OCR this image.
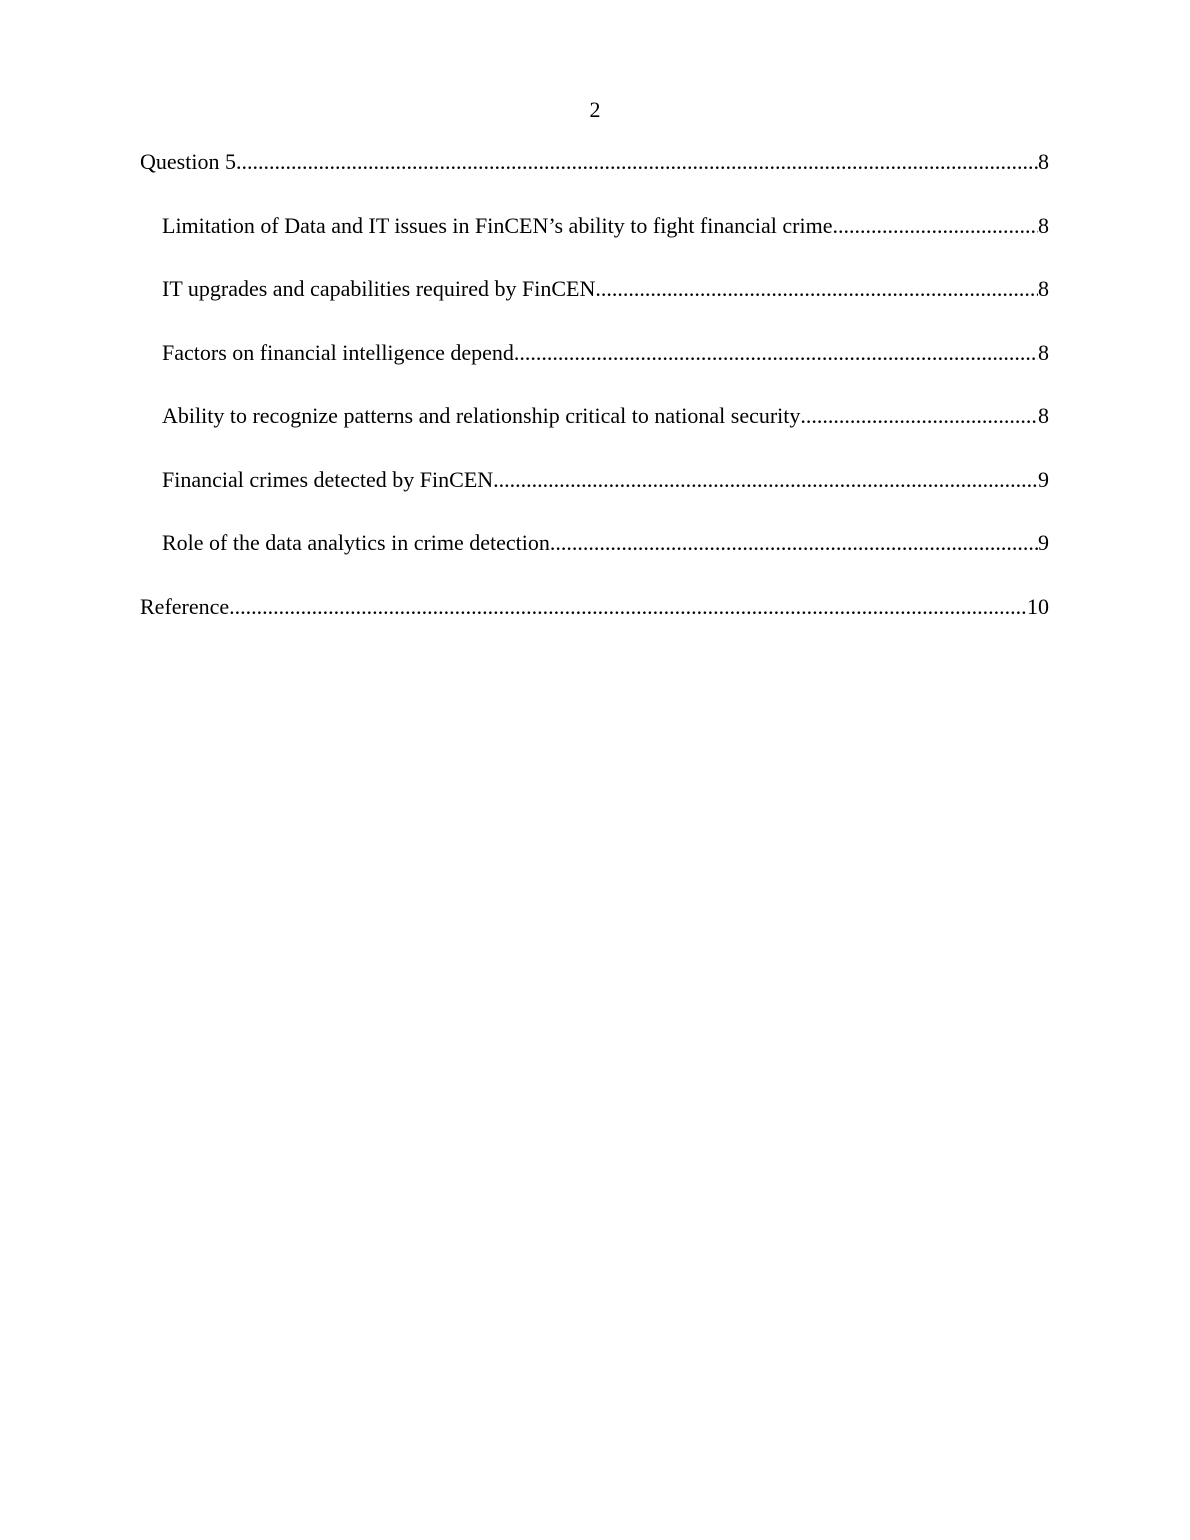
2
Question 5 .....	8
Limitation of Data and IT issues in FinCEN’s ability to fight financial crime .....	8
IT upgrades and capabilities required by FinCEN .....	8
Factors on financial intelligence depend .....	8
Ability to recognize patterns and relationship critical to national security .....	8
Financial crimes detected by FinCEN .....	9
Role of the data analytics in crime detection .....	9
Reference .....	10
